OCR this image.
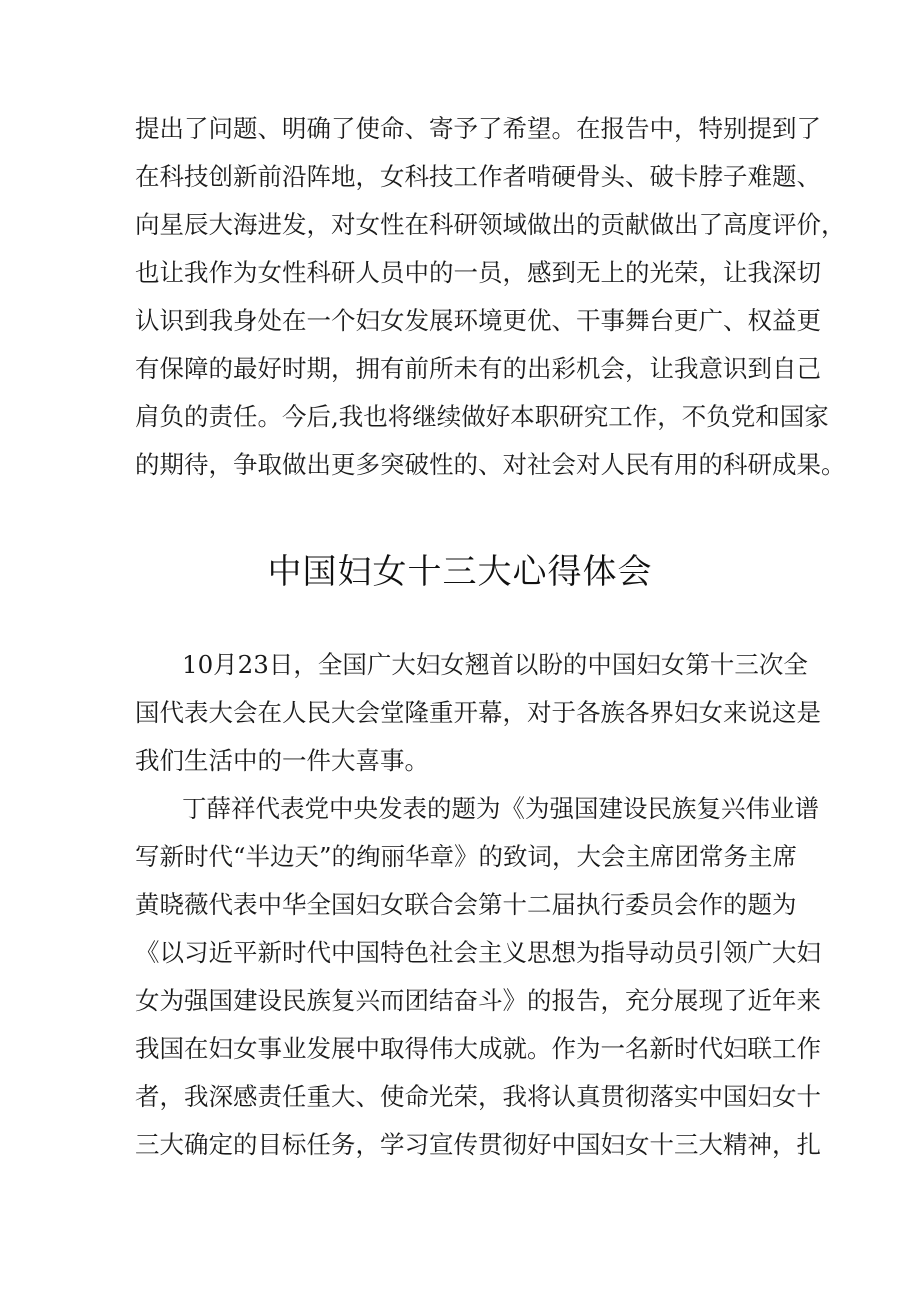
提出了问题、明确了使命、寄予了希望。在报告中，特别提到了
在科技创新前沿阵地，女科技工作者啃硬骨头、破卡脖子难题、
向星辰大海进发，对女性在科研领域做出的贡献做出了高度评价，
也让我作为女性科研人员中的一员，感到无上的光荣，让我深切
认识到我身处在一个妇女发展环境更优、干事舞台更广、权益更
有保障的最好时期，拥有前所未有的出彩机会，让我意识到自己
肩负的责任。今后,我也将继续做好本职研究工作，不负党和国家
的期待，争取做出更多突破性的、对社会对人民有用的科研成果。
中国妇女十三大心得体会
10月23日，全国广大妇女翘首以盼的中国妇女第十三次全
国代表大会在人民大会堂隆重开幕，对于各族各界妇女来说这是
我们生活中的一件大喜事。
丁薛祥代表党中央发表的题为《为强国建设民族复兴伟业谱
写新时代“半边天”的绚丽华章》的致词，大会主席团常务主席
黄晓薇代表中华全国妇女联合会第十二届执行委员会作的题为
《以习近平新时代中国特色社会主义思想为指导动员引领广大妇
女为强国建设民族复兴而团结奋斗》的报告，充分展现了近年来
我国在妇女事业发展中取得伟大成就。作为一名新时代妇联工作
者，我深感责任重大、使命光荣，我将认真贯彻落实中国妇女十
三大确定的目标任务，学习宣传贯彻好中国妇女十三大精神，扎
